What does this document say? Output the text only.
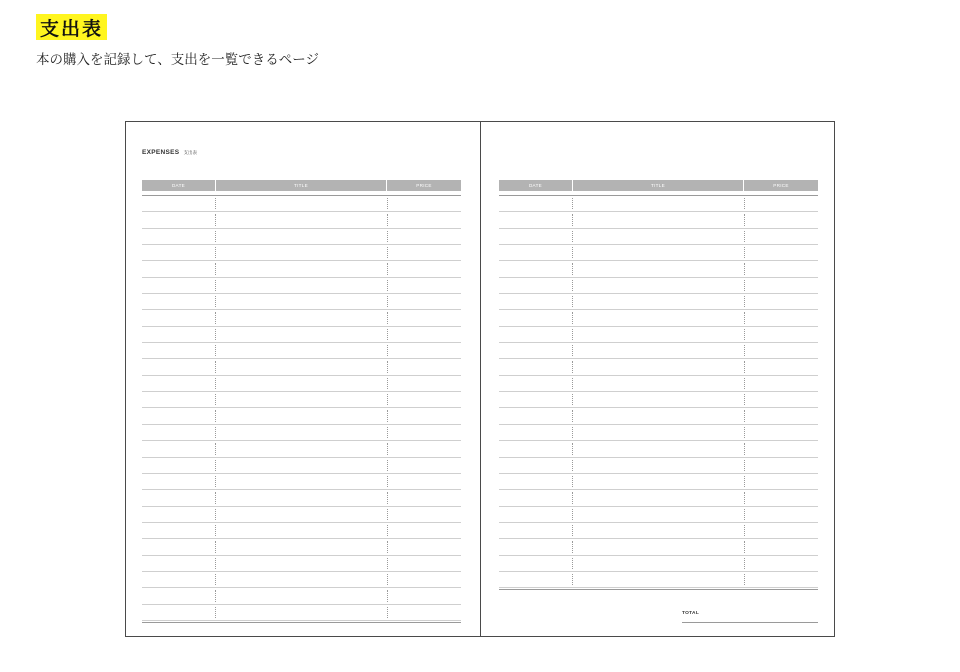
支出表
本の購入を記録して、支出を一覧できるページ
EXPENSES 支出表
DATE	TITLE	PRICE	DATE	TITLE	PRICE
TOTAL
